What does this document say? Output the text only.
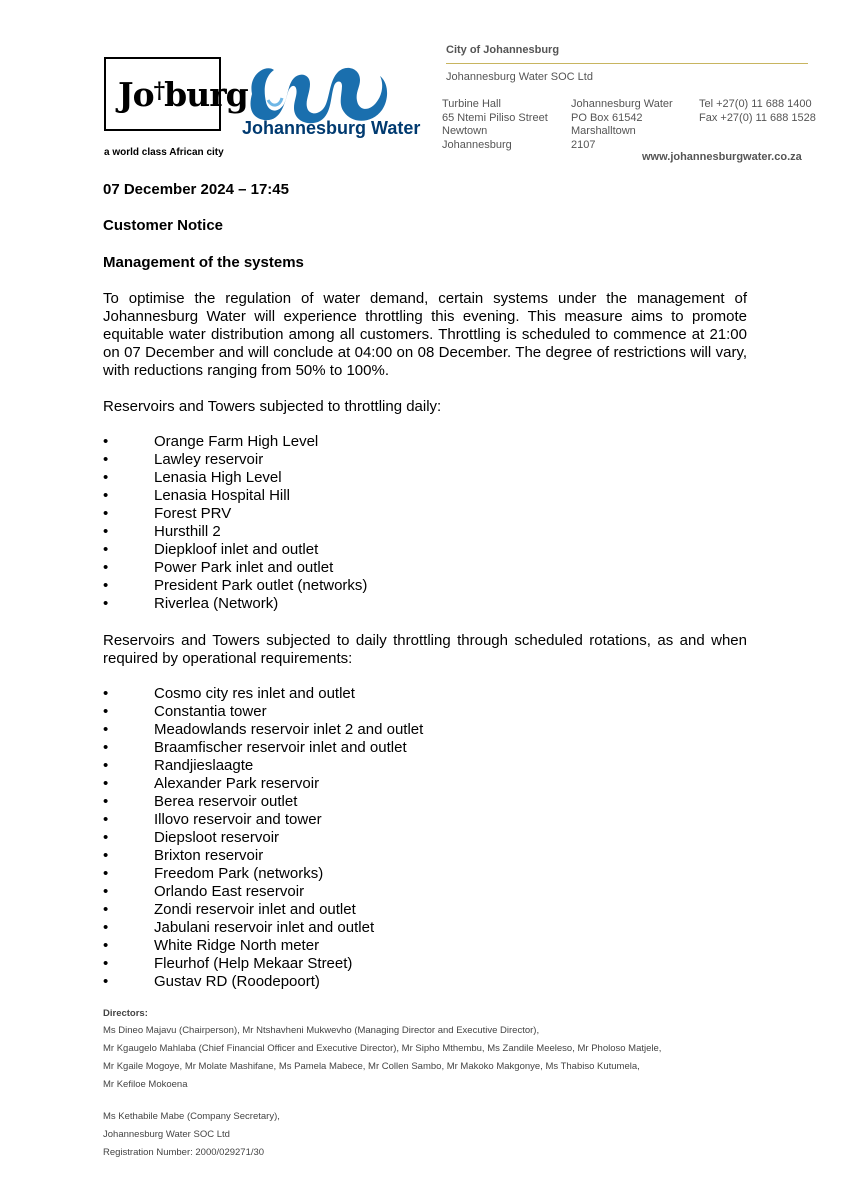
Jo†burg
a world class African city
Johannesburg Water
City of Johannesburg
Johannesburg Water SOC Ltd
Turbine Hall
65 Ntemi Piliso Street
Newtown
Johannesburg
Johannesburg Water
PO Box 61542
Marshalltown
2107
Tel +27(0) 11 688 1400
Fax +27(0) 11 688 1528
www.johannesburgwater.co.za
07 December 2024 – 17:45
Customer Notice
Management of the systems
To optimise the regulation of water demand, certain systems under the management of Johannesburg Water will experience throttling this evening. This measure aims to promote equitable water distribution among all customers. Throttling is scheduled to commence at 21:00 on 07 December and will conclude at 04:00 on 08 December. The degree of restrictions will vary, with reductions ranging from 50% to 100%.
Reservoirs and Towers subjected to throttling daily:
•	Orange Farm High Level
•	Lawley reservoir
•	Lenasia High Level
•	Lenasia Hospital Hill
•	Forest PRV
•	Hursthill 2
•	Diepkloof inlet and outlet
•	Power Park inlet and outlet
•	President Park outlet (networks)
•	Riverlea (Network)
Reservoirs and Towers subjected to daily throttling through scheduled rotations, as and when required by operational requirements:
•	Cosmo city res inlet and outlet
•	Constantia tower
•	Meadowlands reservoir inlet 2 and outlet
•	Braamfischer reservoir inlet and outlet
•	Randjieslaagte
•	Alexander Park reservoir
•	Berea reservoir outlet
•	Illovo reservoir and tower
•	Diepsloot reservoir
•	Brixton reservoir
•	Freedom Park (networks)
•	Orlando East reservoir
•	Zondi reservoir inlet and outlet
•	Jabulani reservoir inlet and outlet
•	White Ridge North meter
•	Fleurhof (Help Mekaar Street)
•	Gustav RD (Roodepoort)
Directors:
Ms Dineo Majavu (Chairperson), Mr Ntshavheni Mukwevho (Managing Director and Executive Director),
Mr Kgaugelo Mahlaba (Chief Financial Officer and Executive Director), Mr Sipho Mthembu, Ms Zandile Meeleso, Mr Pholoso Matjele,
Mr Kgaile Mogoye, Mr Molate Mashifane, Ms Pamela Mabece, Mr Collen Sambo, Mr Makoko Makgonye, Ms Thabiso Kutumela,
Mr Kefiloe Mokoena
Ms Kethabile Mabe (Company Secretary),
Johannesburg Water SOC Ltd
Registration Number: 2000/029271/30
